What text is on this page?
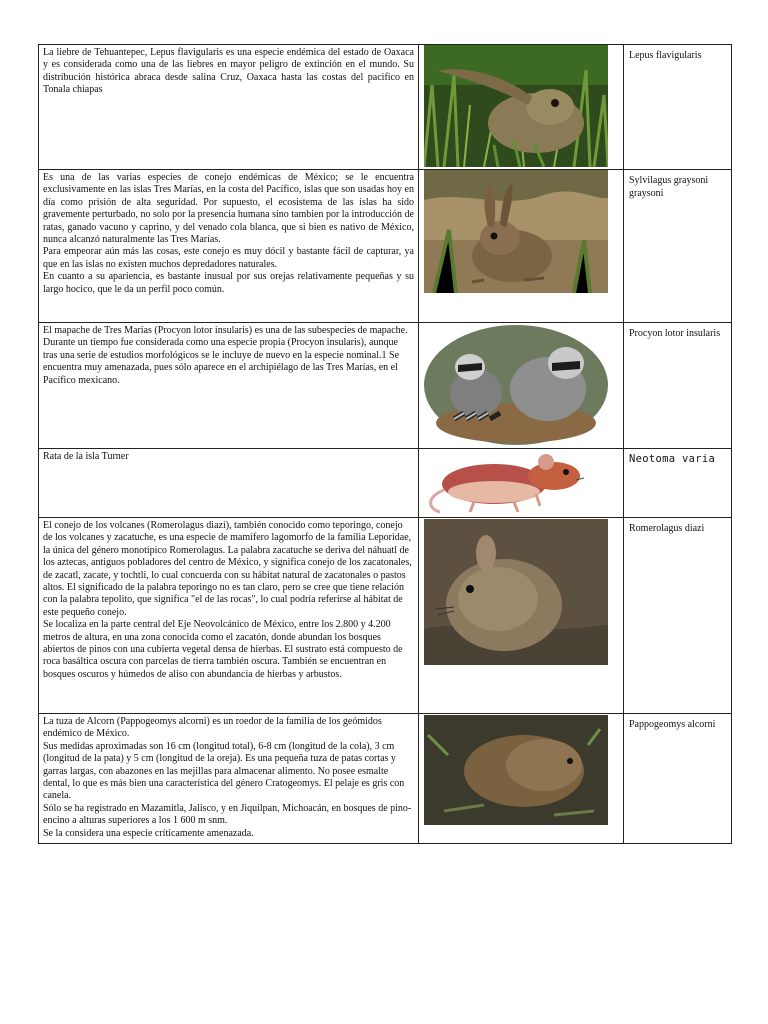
La liebre de Tehuantepec, Lepus flavigularis es una especie endémica del estado de Oaxaca y es considerada como una de las liebres en mayor peligro de extinción en el mundo. Su distribución histórica abraca desde salina Cruz, Oaxaca hasta las costas del pacifico en Tonala chiapas		Lepus flavigularis

Es una de las varias especies de conejo endémicas de México; se le encuentra exclusivamente en las islas Tres Marías, en la costa del Pacífico, islas que son usadas hoy en día como prisión de alta seguridad. Por supuesto, el ecosistema de las islas ha sido gravemente perturbado, no solo por la presencia humana sino tambien por la introducción de ratas, ganado vacuno y caprino, y del venado cola blanca, que si bien es nativo de México, nunca alcanzó naturalmente las Tres Marías.

Para empeorar aún más las cosas, este conejo es muy dócil y bastante fácil de capturar, ya que en las islas no existen muchos depredadores naturales.

En cuanto a su apariencia, es bastante inusual por sus orejas relativamente pequeñas y su largo hocico, que le da un perfil poco común.		Sylvilagus graysoni graysoni

El mapache de Tres Marías (Procyon lotor insularis) es una de las subespecies de mapache. Durante un tiempo fue considerada como una especie propia (Procyon insularis), aunque tras una serie de estudios morfológicos se le incluye de nuevo en la especie nominal.1 Se encuentra muy amenazada, pues sólo aparece en el archipiélago de las Tres Marías, en el Pacífico mexicano.		Procyon lotor insularis

Rata de la isla Turner		Neotoma varia

El conejo de los volcanes (Romerolagus diazi), también conocido como teporingo, conejo de los volcanes y zacatuche, es una especie de mamífero lagomorfo de la familia Leporidae, la única del género monotípico Romerolagus. La palabra zacatuche se deriva del náhuatl de los aztecas, antiguos pobladores del centro de México, y significa conejo de los zacatonales, de zacatl, zacate, y tochtli, lo cual concuerda con su hábitat natural de zacatonales o pastos altos. El significado de la palabra teporingo no es tan claro, pero se cree que tiene relación con la palabra tepolito, que significa "el de las rocas", lo cual podría referirse al hábitat de este pequeño conejo.

Se localiza en la parte central del Eje Neovolcánico de México, entre los 2.800 y 4.200 metros de altura, en una zona conocida como el zacatón, donde abundan los bosques abiertos de pinos con una cubierta vegetal densa de hierbas. El sustrato está compuesto de roca basáltica oscura con parcelas de tierra también oscura. También se encuentran en bosques oscuros y húmedos de aliso con abundancia de hierbas y arbustos.		Romerolagus diazi

La tuza de Alcorn (Pappogeomys alcorni) es un roedor de la familia de los geómidos endémico de México.

Sus medidas aproximadas son 16 cm (longitud total), 6-8 cm (longitud de la cola), 3 cm (longitud de la pata) y 5 cm (longitud de la oreja). Es una pequeña tuza de patas cortas y garras largas, con abazones en las mejillas para almacenar alimento. No posee esmalte dental, lo que es más bien una característica del género Cratogeomys. El pelaje es gris con canela.

Sólo se ha registrado en Mazamitla, Jalisco, y en Jiquilpan, Michoacán, en bosques de pino-encino a alturas superiores a los 1 600 m snm.

Se la considera una especie críticamente amenazada.		Pappogeomys alcorni
